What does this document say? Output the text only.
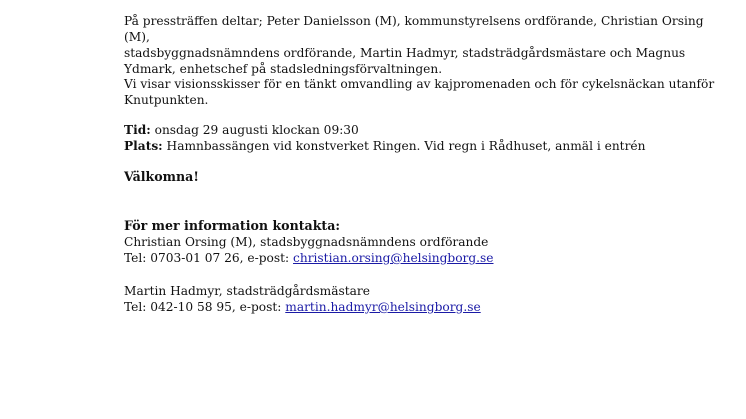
På pressträffen deltar; Peter Danielsson (M), kommunstyrelsens ordförande, Christian Orsing (M),

stadsbyggnadsnämndens ordförande, Martin Hadmyr, stadsträdgårdsmästare och Magnus

Ydmark, enhetschef på stadsledningsförvaltningen.

Vi visar visionsskisser för en tänkt omvandling av kajpromenaden och för cykelsnäckan utanför

Knutpunkten.

Tid: onsdag 29 augusti klockan 09:30

Plats: Hamnbassängen vid konstverket Ringen. Vid regn i Rådhuset, anmäl i entrén

Välkomna!

För mer information kontakta:

Christian Orsing (M), stadsbyggnadsnämndens ordförande

Tel: 0703-01 07 26, e-post: christian.orsing@helsingborg.se

Martin Hadmyr, stadsträdgårdsmästare

Tel: 042-10 58 95, e-post: martin.hadmyr@helsingborg.se
